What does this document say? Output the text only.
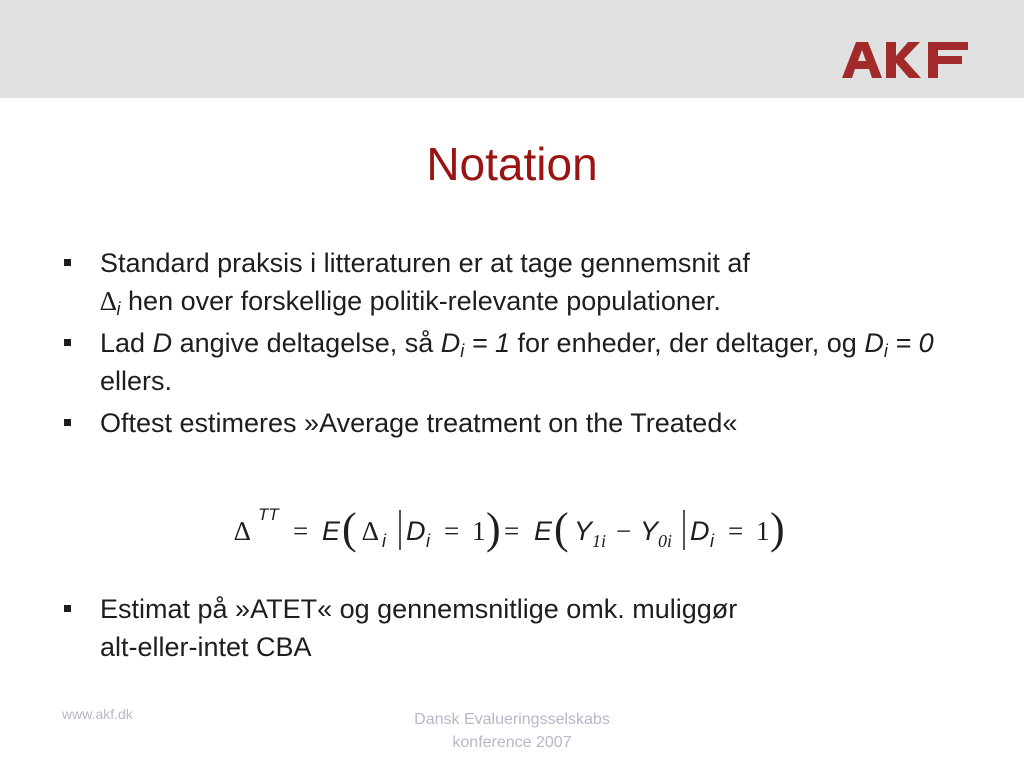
AKF
Notation
Standard praksis i litteraturen er at tage gennemsnit af
$\Delta_i$ hen over forskellige politik-relevante populationer.
Lad D angive deltagelse, så $D_i = 1$ for enheder, der deltager, og $D_i = 0$ ellers.
Oftest estimeres »Average treatment on the Treated«
∆
TT
= E ( ∆ i D i = 1 ) = E ( Y 1i − Y 0i D i = 1 )
Estimat på »ATET« og gennemsnitlige omk. muliggør
alt-eller-intet CBA
www.akf.dk	Dansk Evalueringsselskabs
konference 2007
